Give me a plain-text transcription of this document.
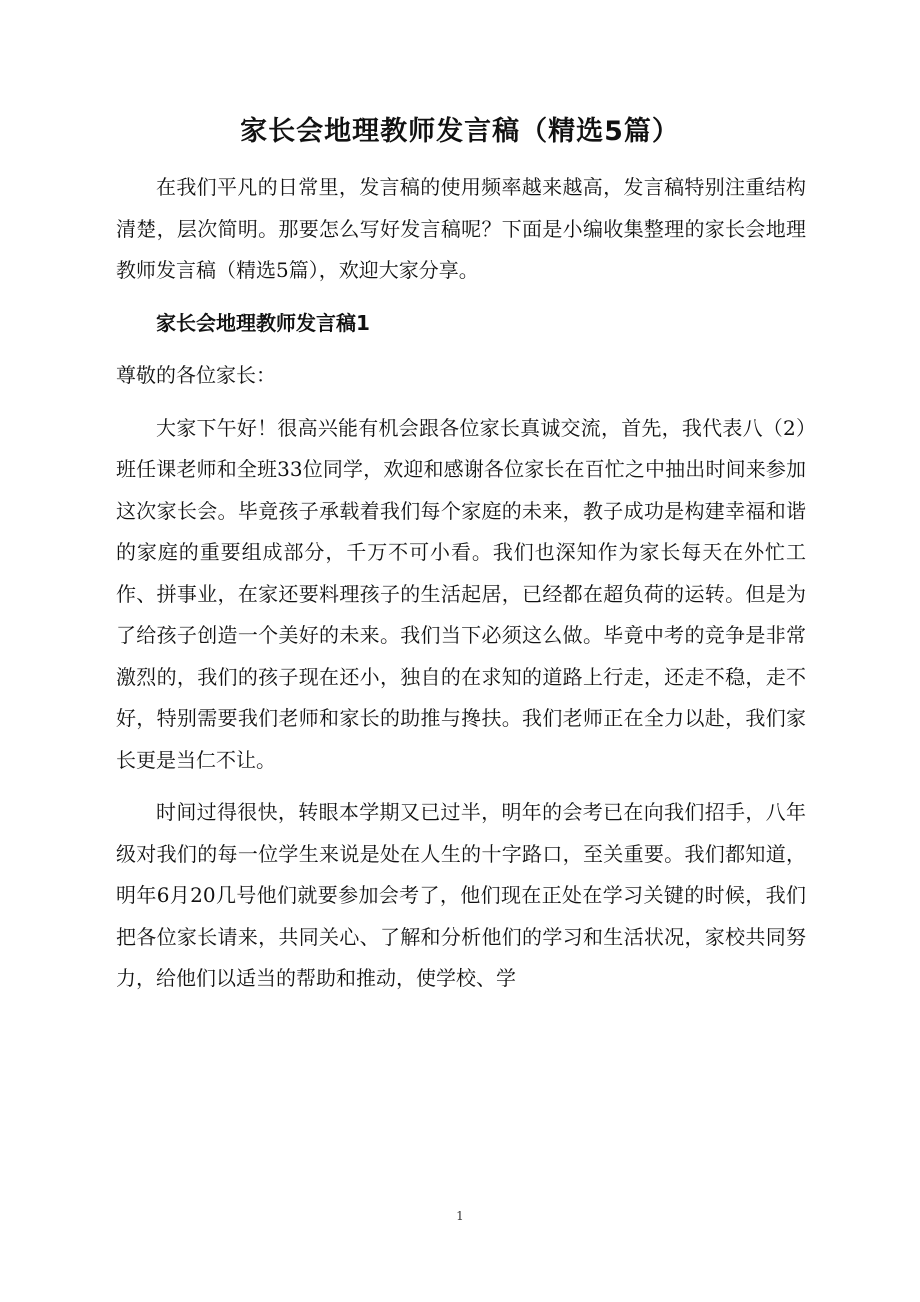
家长会地理教师发言稿（精选5篇）

在我们平凡的日常里，发言稿的使用频率越来越高，发言稿特别注重结构清楚，层次简明。那要怎么写好发言稿呢？下面是小编收集整理的家长会地理教师发言稿（精选5篇），欢迎大家分享。

家长会地理教师发言稿1

尊敬的各位家长：

大家下午好！很高兴能有机会跟各位家长真诚交流，首先，我代表八（2）班任课老师和全班33位同学，欢迎和感谢各位家长在百忙之中抽出时间来参加这次家长会。毕竟孩子承载着我们每个家庭的未来，教子成功是构建幸福和谐的家庭的重要组成部分，千万不可小看。我们也深知作为家长每天在外忙工作、拼事业，在家还要料理孩子的生活起居，已经都在超负荷的运转。但是为了给孩子创造一个美好的未来。我们当下必须这么做。毕竟中考的竞争是非常激烈的，我们的孩子现在还小，独自的在求知的道路上行走，还走不稳，走不好，特别需要我们老师和家长的助推与搀扶。我们老师正在全力以赴，我们家长更是当仁不让。

时间过得很快，转眼本学期又已过半，明年的会考已在向我们招手，八年级对我们的每一位学生来说是处在人生的十字路口，至关重要。我们都知道，明年6月20几号他们就要参加会考了，他们现在正处在学习关键的时候，我们把各位家长请来，共同关心、了解和分析他们的学习和生活状况，家校共同努力，给他们以适当的帮助和推动，使学校、学

1
